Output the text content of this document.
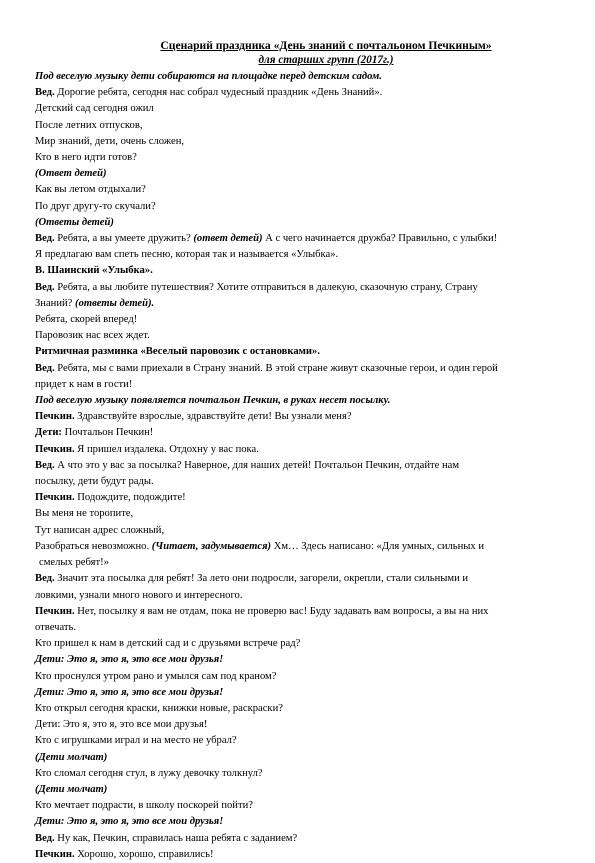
Сценарий праздника «День знаний с почтальоном Печкиным»
для старших групп (2017г.)
Под веселую музыку дети собираются на площадке перед детским садом.
Вед. Дорогие ребята, сегодня нас собрал чудесный праздник «День Знаний».
Детский сад сегодня ожил
После летних отпусков,
Мир знаний, дети, очень сложен,
Кто в него идти готов?
(Ответ детей)
Как вы летом отдыхали?
По друг другу-то скучали?
(Ответы детей)
Вед. Ребята, а вы умеете дружить? (ответ детей) А с чего начинается дружба? Правильно, с улыбки!
Я предлагаю вам спеть песню, которая так и называется «Улыбка».
В. Шаинский «Улыбка».
Вед. Ребята, а вы любите путешествия? Хотите отправиться в далекую, сказочную страну, Страну
Знаний? (ответы детей).
Ребята, скорей вперед!
Паровозик нас всех ждет.
Ритмичная разминка «Веселый паровозик с остановками».
Вед. Ребята, мы с вами приехали в Страну знаний. В этой стране живут сказочные герои, и один герой
придет к нам в гости!
Под веселую музыку появляется почтальон Печкин, в руках несет посылку.
Печкин. Здравствуйте взрослые, здравствуйте дети! Вы узнали меня?
Дети: Почтальон Печкин!
Печкин. Я пришел издалека. Отдохну у вас пока.
Вед. А что это у вас за посылка? Наверное, для наших детей! Почтальон Печкин, отдайте нам
посылку, дети будут рады.
Печкин. Подождите, подождите!
Вы меня не торопите,
Тут написан адрес сложный,
Разобраться невозможно. (Читает, задумывается) Хм… Здесь написано: «Для умных, сильных и
смелых ребят!»
Вед. Значит эта посылка для ребят! За лето они подросли, загорели, окрепли, стали сильными и
ловкими, узнали много нового и интересного.
Печкин. Нет, посылку я вам не отдам, пока не проверю вас! Буду задавать вам вопросы, а вы на них
отвечать.
Кто пришел к нам в детский сад и с друзьями встрече рад?
Дети: Это я, это я, это все мои друзья!
Кто проснулся утром рано и умылся сам под краном?
Дети: Это я, это я, это все мои друзья!
Кто открыл сегодня краски, книжки новые, раскраски?
Дети: Это я, это я, это все мои друзья!
Кто с игрушками играл и на место не убрал?
(Дети молчат)
Кто сломал сегодня стул, в лужу девочку толкнул?
(Дети молчат)
Кто мечтает подрасти, в школу поскорей пойти?
Дети: Это я, это я, это все мои друзья!
Вед. Ну как, Печкин, справилась наша ребята с заданием?
Печкин. Хорошо, хорошо, справились!
